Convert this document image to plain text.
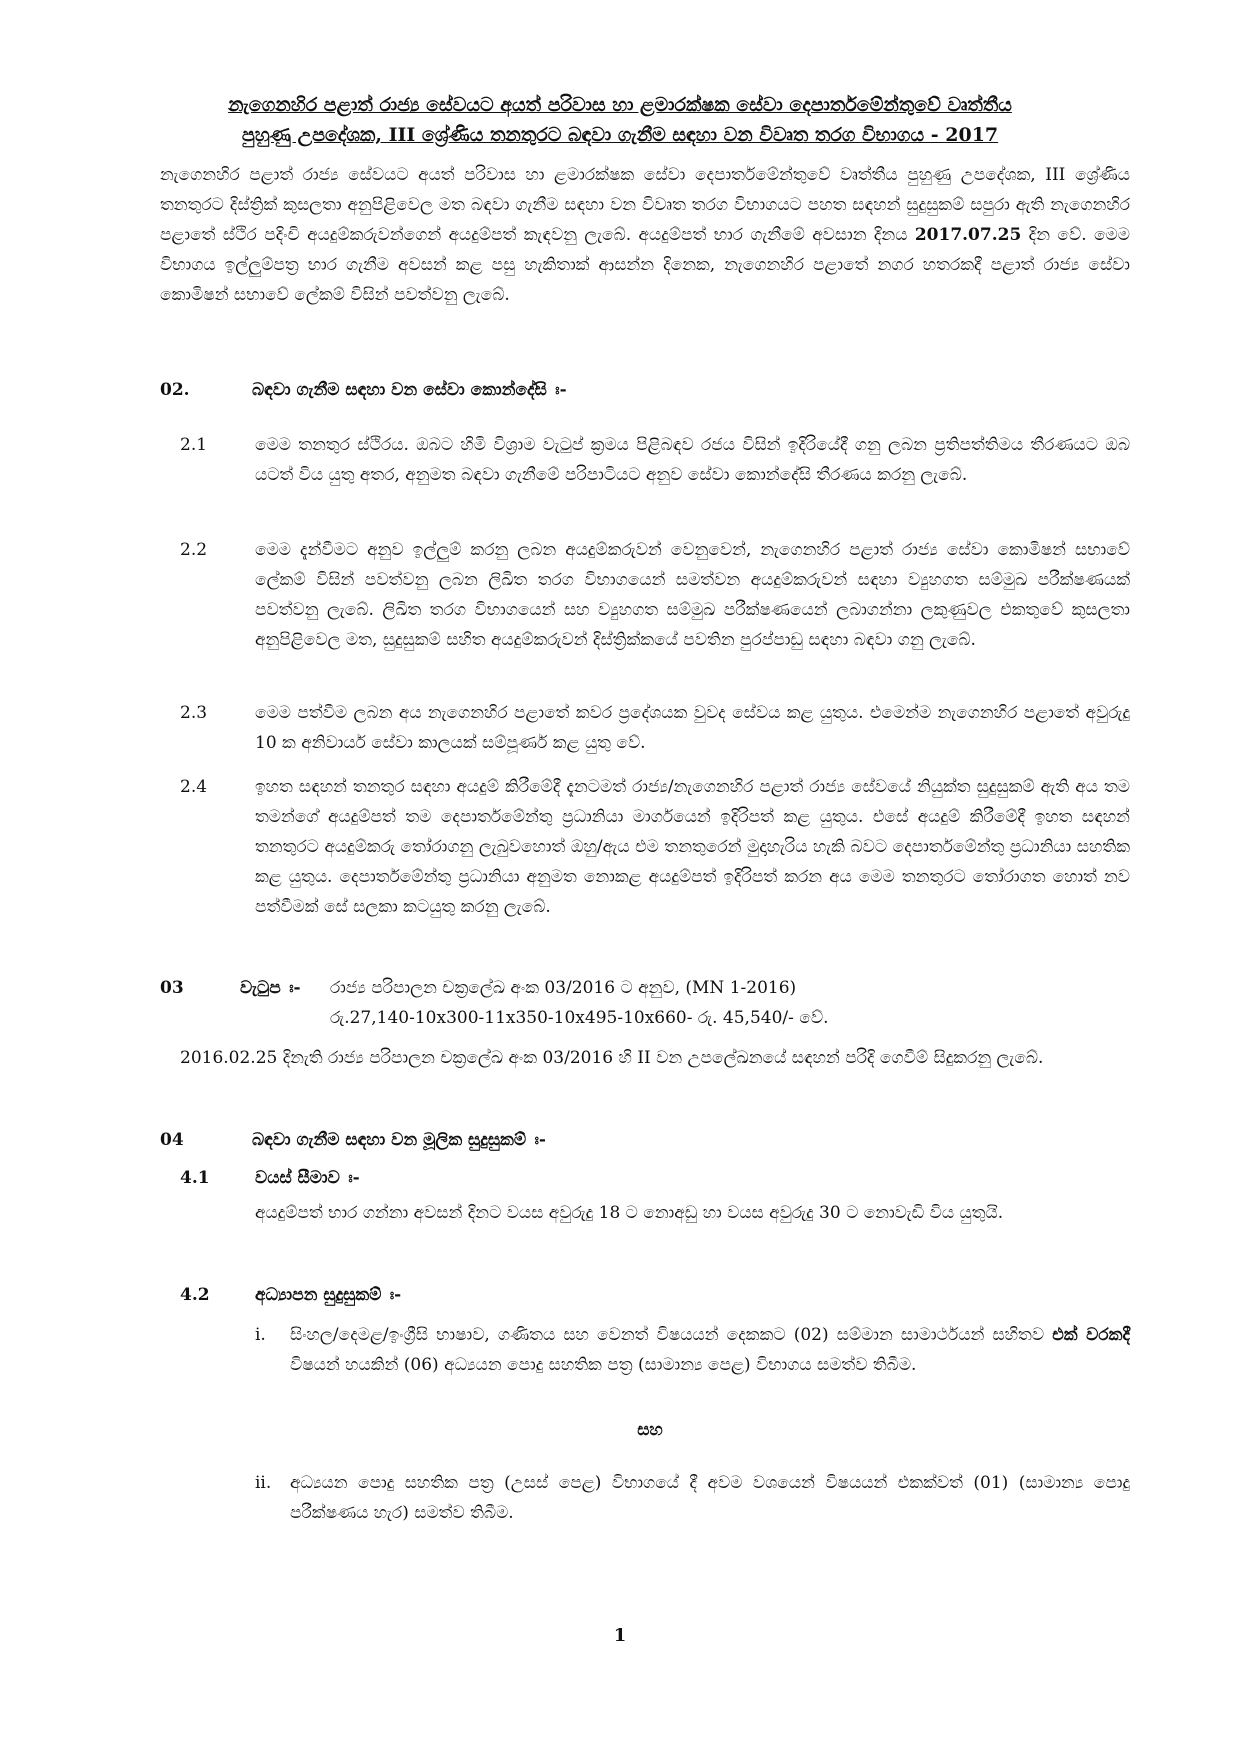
නැගෙනහිර පළාත් රාජ්‍ය සේවයට අයත් පරිවාස හා ළමාරක්ෂක සේවා දෙපාර්තමේන්තුවේ වෘත්තීය
පුහුණු උපදේශක, III ශ්‍රේණිය තනතුරට බඳවා ගැනීම සඳහා වන විවෘත තරග විභාගය - 2017
නැගෙනහිර පළාත් රාජ්‍ය සේවයට අයත් පරිවාස හා ළමාරක්ෂක සේවා දෙපාර්තමේන්තුවේ වෘත්තීය පුහුණු උපදේශක, III ශ්‍රේණිය තනතුරට දිස්ත්‍රික් කුසලතා අනුපිළිවෙල මත බඳවා ගැනීම සඳහා වන විවෘත තරග විභාගයට පහත සඳහන් සුදුසුකම් සපුරා ඇති නැගෙනහිර පළාතේ ස්ථිර පදිංචි අයදුම්කරුවන්ගෙන් අයදුම්පත් කැඳවනු ලැබේ. අයදුම්පත් භාර ගැනීමේ අවසාන දිනය 2017.07.25 දින වේ. මෙම විභාගය ඉල්ලුම්පත්‍ර භාර ගැනීම අවසන් කළ පසු හැකිතාක් ආසන්න දිනෙක, නැගෙනහිර පළාතේ නගර හතරකදී පළාත් රාජ්‍ය සේවා කොමිෂන් සභාවේ ලේකම් විසින් පවත්වනු ලැබේ.
02.	බඳවා ගැනීම සඳහා වන සේවා කොන්දේසි ඃ-
2.1	මෙම තනතුර ස්ථිරය. ඔබට හිමි විශ්‍රාම වැටුප් ක්‍රමය පිළිබඳව රජය විසින් ඉදිරියේදී ගනු ලබන ප්‍රතිපත්තිමය තීරණයට ඔබ යටත් විය යුතු අතර, අනුමත බඳවා ගැනීමේ පරිපාටියට අනුව සේවා කොන්දේසි තීරණය කරනු ලැබේ.
2.2	මෙම දැන්වීමට අනුව ඉල්ලුම් කරනු ලබන අයදුම්කරුවන් වෙනුවෙන්, නැගෙනහිර පළාත් රාජ්‍ය සේවා කොමිෂන් සභාවේ ලේකම් විසින් පවත්වනු ලබන ලිඛිත තරග විභාගයෙන් සමත්වන අයදුම්කරුවන් සඳහා ව්‍යුහගත සම්මුඛ පරීක්ෂණයක් පවත්වනු ලැබේ. ලිඛිත තරග විභාගයෙන් සහ ව්‍යුහගත සම්මුඛ පරීක්ෂණයෙන් ලබාගන්නා ලකුණුවල එකතුවේ කුසලතා අනුපිළිවෙල මත, සුදුසුකම් සහිත අයදුම්කරුවන් දිස්ත්‍රික්කයේ පවතින පුරප්පාඩු සඳහා බඳවා ගනු ලැබේ.
2.3	මෙම පත්වීම ලබන අය නැගෙනහිර පළාතේ කවර ප්‍රදේශයක වුවද සේවය කළ යුතුය. එමෙන්ම නැගෙනහිර පළාතේ අවුරුදු 10 ක අනිවාර්ය සේවා කාලයක් සම්පූර්ණ කළ යුතු වේ.
2.4	ඉහත සඳහන් තනතුර සඳහා අයදුම් කිරීමේදී දැනටමත් රාජ්‍ය/නැගෙනහිර පළාත් රාජ්‍ය සේවයේ නියුක්ත සුදුසුකම් ඇති අය තම තමන්ගේ අයදුම්පත් තම දෙපාර්තමේන්තු ප්‍රධානියා මාර්ගයෙන් ඉදිරිපත් කළ යුතුය. එසේ අයදුම් කිරීමේදී ඉහත සඳහන් තනතුරට අයදුම්කරු තෝරාගනු ලැබුවහොත් ඔහු/ඇය එම තනතුරෙන් මුදාහැරිය හැකි බවට දෙපාර්තමේන්තු ප්‍රධානියා සහතික කළ යුතුය. දෙපාර්තමේන්තු ප්‍රධානියා අනුමත නොකළ අයදුම්පත් ඉදිරිපත් කරන අය මෙම තනතුරට තෝරාගත හොත් නව පත්වීමක් සේ සලකා කටයුතු කරනු ලැබේ.
03	වැටුප ඃ- රාජ්‍ය පරිපාලන චක්‍රලේඛ අංක 03/2016 ට අනුව, (MN 1-2016)
රු.27,140-10x300-11x350-10x495-10x660- රු. 45,540/- වේ.
2016.02.25 දිනැති රාජ්‍ය පරිපාලන චක්‍රලේඛ අංක 03/2016 හි II වන උපලේඛනයේ සඳහන් පරිදි ගෙවීම් සිදුකරනු ලැබේ.
04	බඳවා ගැනීම සඳහා වන මූලික සුදුසුකම් ඃ-
4.1	වයස් සීමාව ඃ-
අයදුම්පත් භාර ගන්නා අවසන් දිනට වයස අවුරුදු 18 ට නොඅඩු හා වයස අවුරුදු 30 ට නොවැඩි විය යුතුයි.
4.2	අධ්‍යාපන සුදුසුකම් ඃ-
i. සිංහල/දෙමළ/ඉංග්‍රීසි භාෂාව, ගණිතය සහ වෙනත් විෂයයන් දෙකකට (02) සම්මාන සාමාර්ථයන් සහිතව එක් වරකදී විෂයන් හයකින් (06) අධ්‍යයන පොදු සහතික පත්‍ර (සාමාන්‍ය පෙළ) විභාගය සමත්ව තිබීම.
සහ
ii. අධ්‍යයන පොදු සහතික පත්‍ර (උසස් පෙළ) විභාගයේ දී අවම වශයෙන් විෂයයන් එකක්වත් (01) (සාමාන්‍ය පොදු පරීක්ෂණය හැර) සමත්ව තිබීම.
1
